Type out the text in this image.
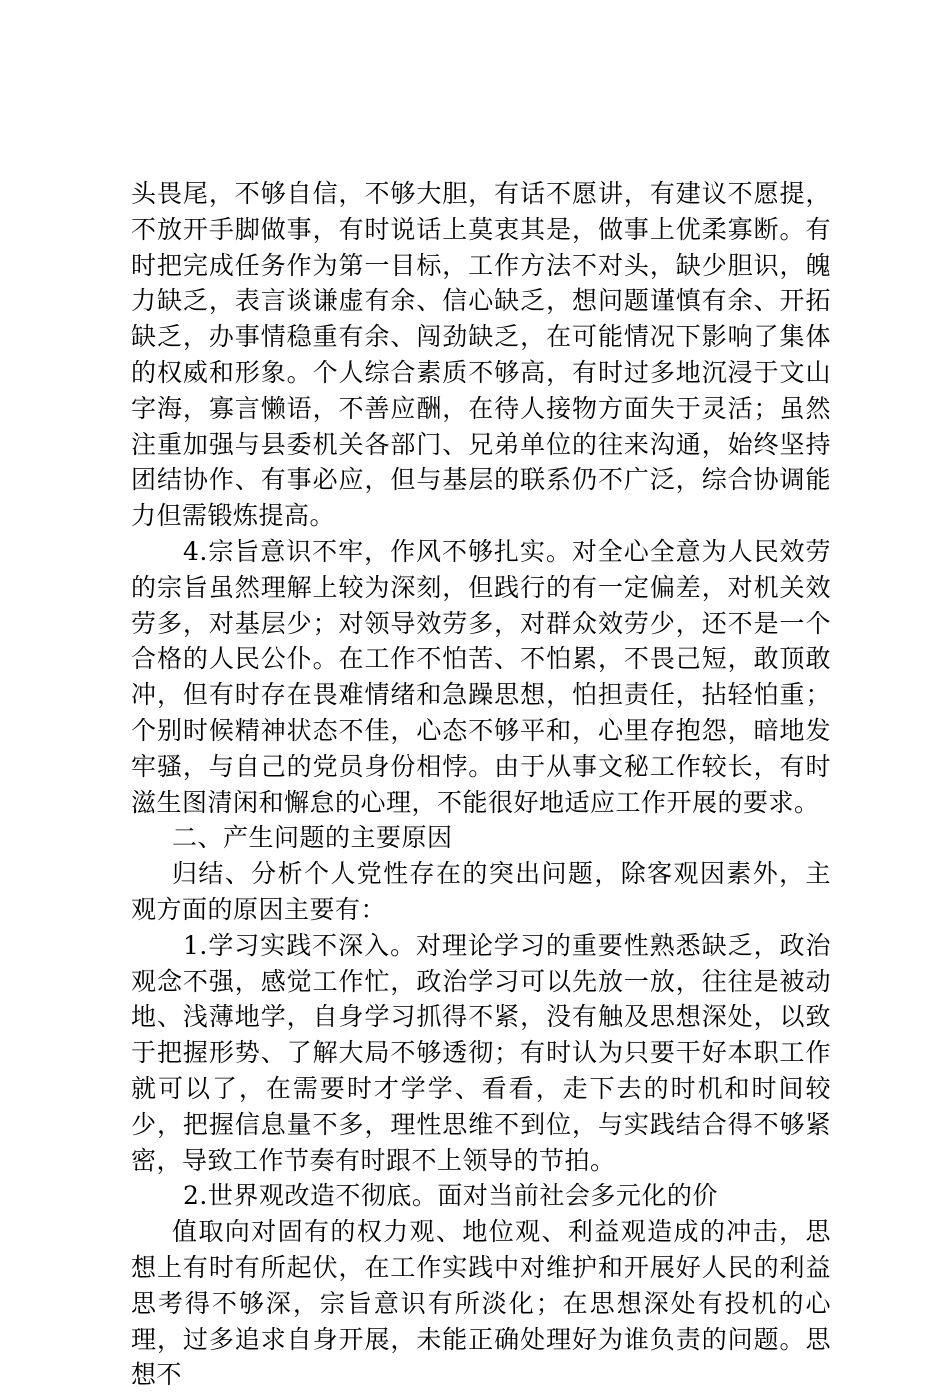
头畏尾，不够自信，不够大胆，有话不愿讲，有建议不愿提，不放开手脚做事，有时说话上莫衷其是，做事上优柔寡断。有时把完成任务作为第一目标，工作方法不对头，缺少胆识，魄力缺乏，表言谈谦虚有余、信心缺乏，想问题谨慎有余、开拓缺乏，办事情稳重有余、闯劲缺乏，在可能情况下影响了集体的权威和形象。个人综合素质不够高，有时过多地沉浸于文山字海，寡言懒语，不善应酬，在待人接物方面失于灵活；虽然注重加强与县委机关各部门、兄弟单位的往来沟通，始终坚持团结协作、有事必应，但与基层的联系仍不广泛，综合协调能力但需锻炼提高。

4.宗旨意识不牢，作风不够扎实。对全心全意为人民效劳的宗旨虽然理解上较为深刻，但践行的有一定偏差，对机关效劳多，对基层少；对领导效劳多，对群众效劳少，还不是一个合格的人民公仆。在工作不怕苦、不怕累，不畏己短，敢顶敢冲，但有时存在畏难情绪和急躁思想，怕担责任，拈轻怕重；个别时候精神状态不佳，心态不够平和，心里存抱怨，暗地发牢骚，与自己的党员身份相悖。由于从事文秘工作较长，有时滋生图清闲和懈怠的心理，不能很好地适应工作开展的要求。

二、产生问题的主要原因

归结、分析个人党性存在的突出问题，除客观因素外，主观方面的原因主要有：

1.学习实践不深入。对理论学习的重要性熟悉缺乏，政治观念不强，感觉工作忙，政治学习可以先放一放，往往是被动地、浅薄地学，自身学习抓得不紧，没有触及思想深处，以致于把握形势、了解大局不够透彻；有时认为只要干好本职工作就可以了，在需要时才学学、看看，走下去的时机和时间较少，把握信息量不多，理性思维不到位，与实践结合得不够紧密，导致工作节奏有时跟不上领导的节拍。

2.世界观改造不彻底。面对当前社会多元化的价

值取向对固有的权力观、地位观、利益观造成的冲击，思想上有时有所起伏，在工作实践中对维护和开展好人民的利益思考得不够深，宗旨意识有所淡化；在思想深处有投机的心理，过多追求自身开展，未能正确处理好为谁负责的问题。思想不
